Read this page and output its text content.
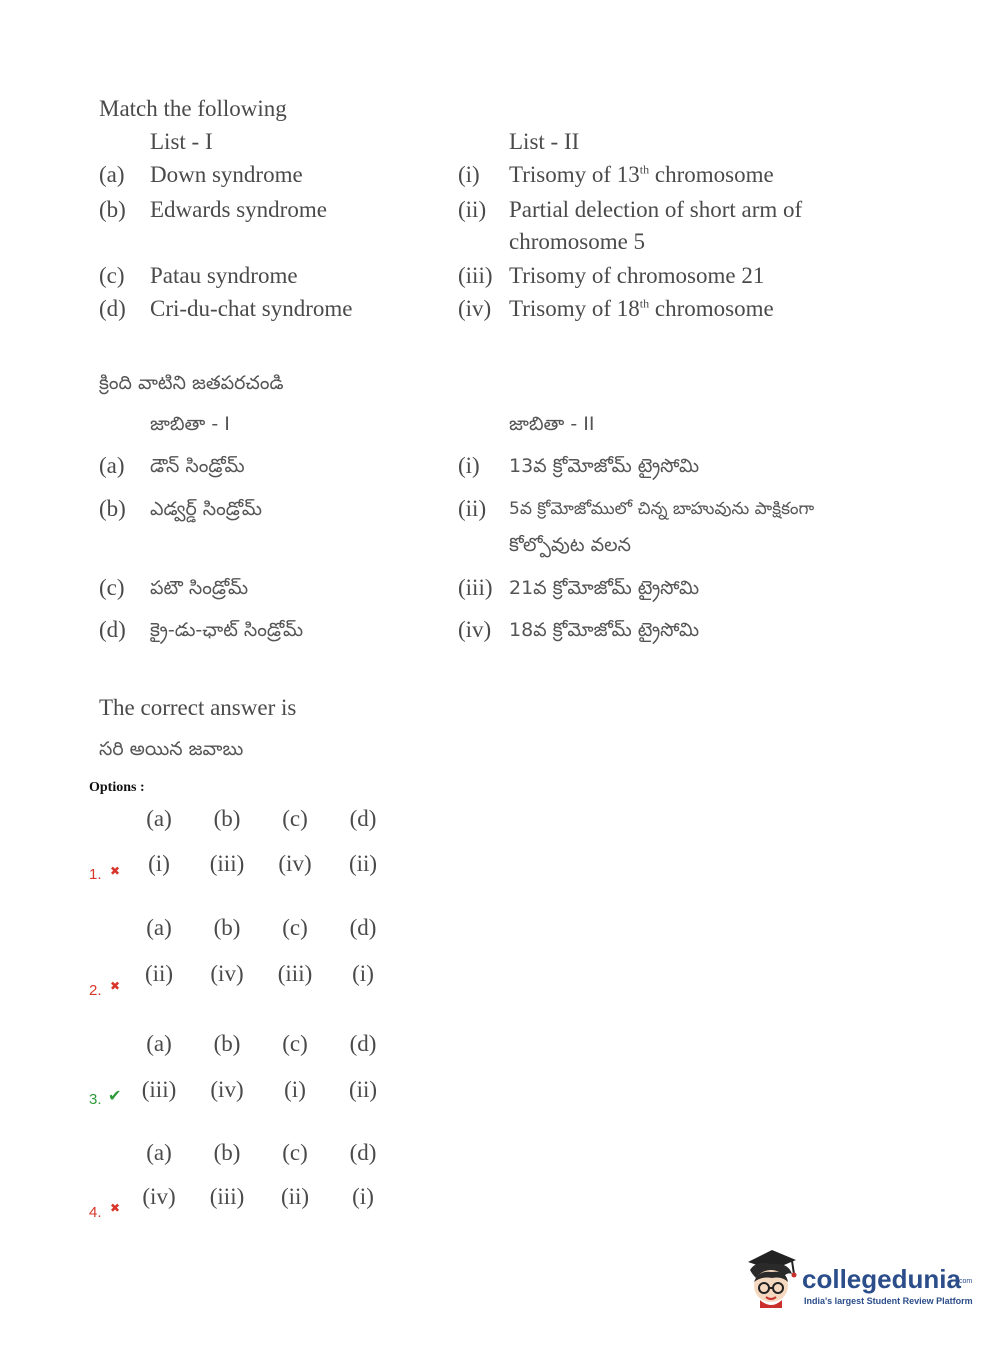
Match the following
List - I	List - II
(a) Down syndrome	(i) Trisomy of 13th chromosome
(b) Edwards syndrome	(ii) Partial delection of short arm of
chromosome 5
(c) Patau syndrome	(iii) Trisomy of chromosome 21
(d) Cri-du-chat syndrome	(iv) Trisomy of 18th chromosome
క్రింది వాటిని జతపరచండి
జాబితా - I	జాబితా - II
(a) డౌన్ సిండ్రోమ్	(i) 13వ క్రోమోజోమ్ ట్రైసోమి
(b) ఎడ్వర్డ్ సిండ్రోమ్	(ii) 5వ క్రోమోజోములో చిన్న బాహువును పాక్షికంగా
కోల్పోవుట వలన
(c) పటౌ సిండ్రోమ్	(iii) 21వ క్రోమోజోమ్ ట్రైసోమి
(d) క్రై-డు-ఛాట్ సిండ్రోమ్	(iv) 18వ క్రోమోజోమ్ ట్రైసోమి
The correct answer is
సరి అయిన జవాబు
Options :
(a)	(b)	(c)	(d)
(i)	(iii)	(iv)	(ii)
1. ✖
(a)	(b)	(c)	(d)
(ii)	(iv)	(iii)	(i)
2. ✖
(a)	(b)	(c)	(d)
(iii)	(iv)	(i)	(ii)
3. ✔
(a)	(b)	(c)	(d)
(iv)	(iii)	(ii)	(i)
4. ✖
collegedunia
.com
India's largest Student Review Platform
